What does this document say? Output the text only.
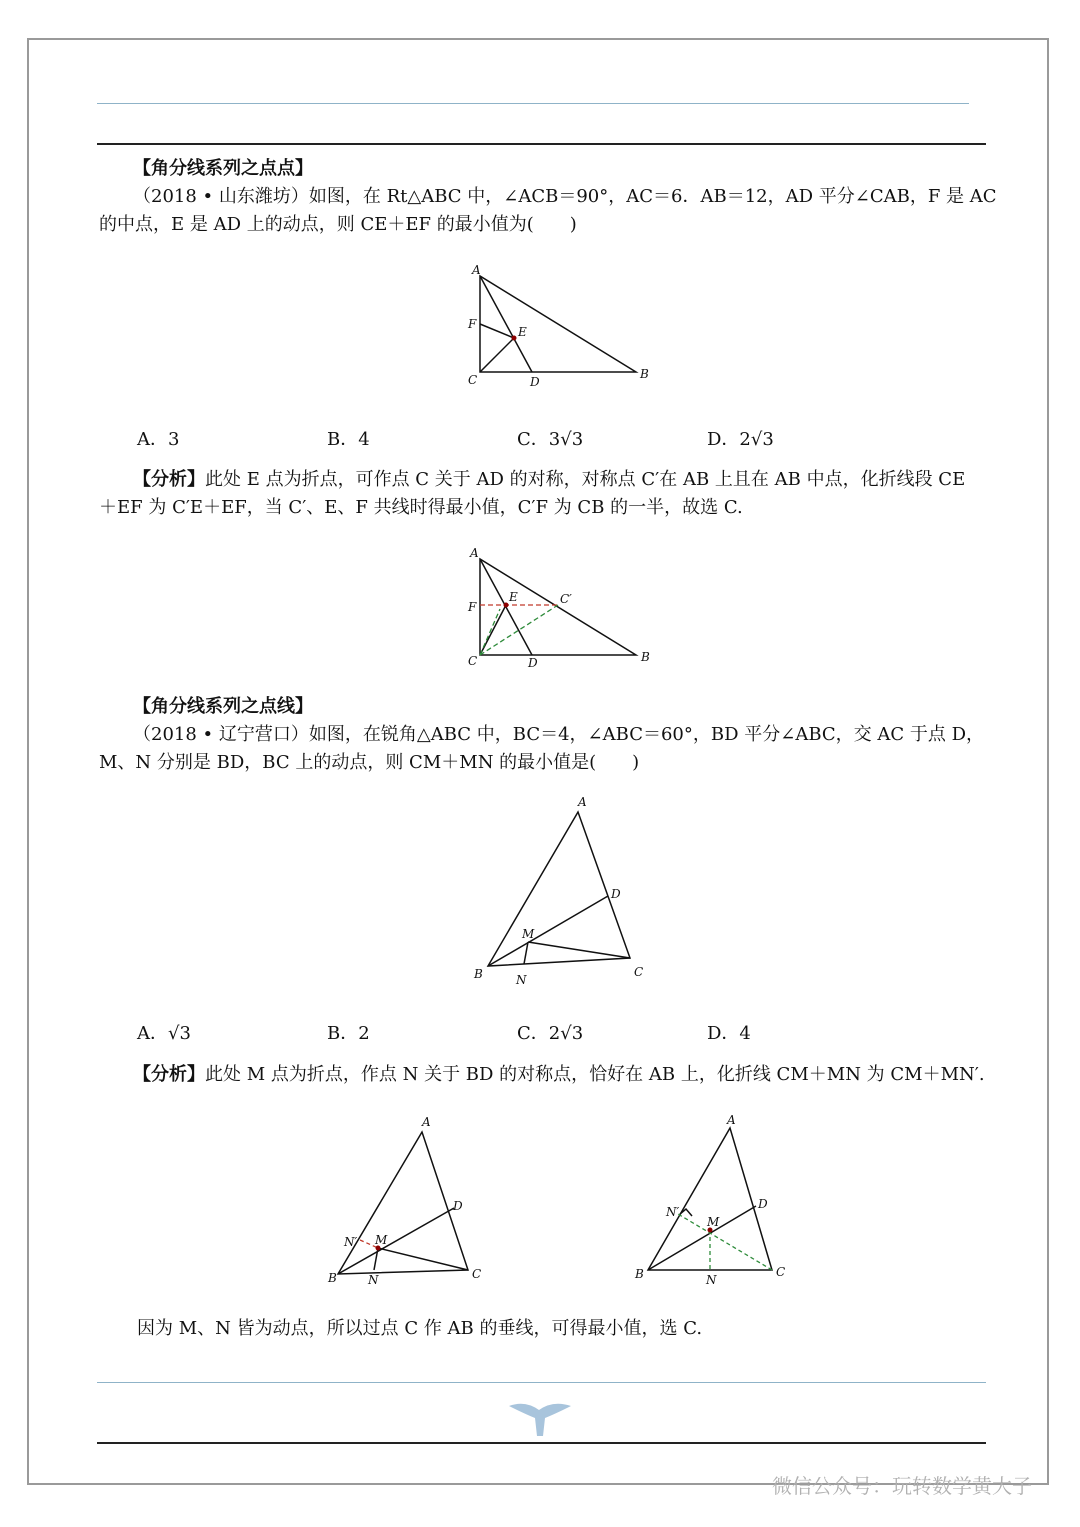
【角分线系列之点点】
（2018 • 山东潍坊）如图，在 Rt△ABC 中，∠ACB＝90°，AC＝6．AB＝12，AD 平分∠CAB，F 是 AC
的中点，E 是 AD 上的动点，则 CE＋EF 的最小值为(　　)
A
F
E
C	D
B
A．3	B．4	C．3√3	D．2√3
【分析】此处 E 点为折点，可作点 C 关于 AD 的对称，对称点 C′在 AB 上且在 AB 中点，化折线段 CE
＋EF 为 C′E＋EF，当 C′、E、F 共线时得最小值，C′F 为 CB 的一半，故选 C.
A
F
E	C′
C	D	B
【角分线系列之点线】
（2018 • 辽宁营口）如图，在锐角△ABC 中，BC＝4，∠ABC＝60°，BD 平分∠ABC，交 AC 于点 D，
M、N 分别是 BD，BC 上的动点，则 CM＋MN 的最小值是(　　)
A
D
M
B	N
C
A．√3	B．2	C．2√3	D．4
【分析】此处 M 点为折点，作点 N 关于 BD 的对称点，恰好在 AB 上，化折线 CM＋MN 为 CM＋MN′.
A
D
N′ M
B	N	C
A
D
N′
M
B	N
C
因为 M、N 皆为动点，所以过点 C 作 AB 的垂线，可得最小值，选 C.
微信公众号：玩转数学黄大子
